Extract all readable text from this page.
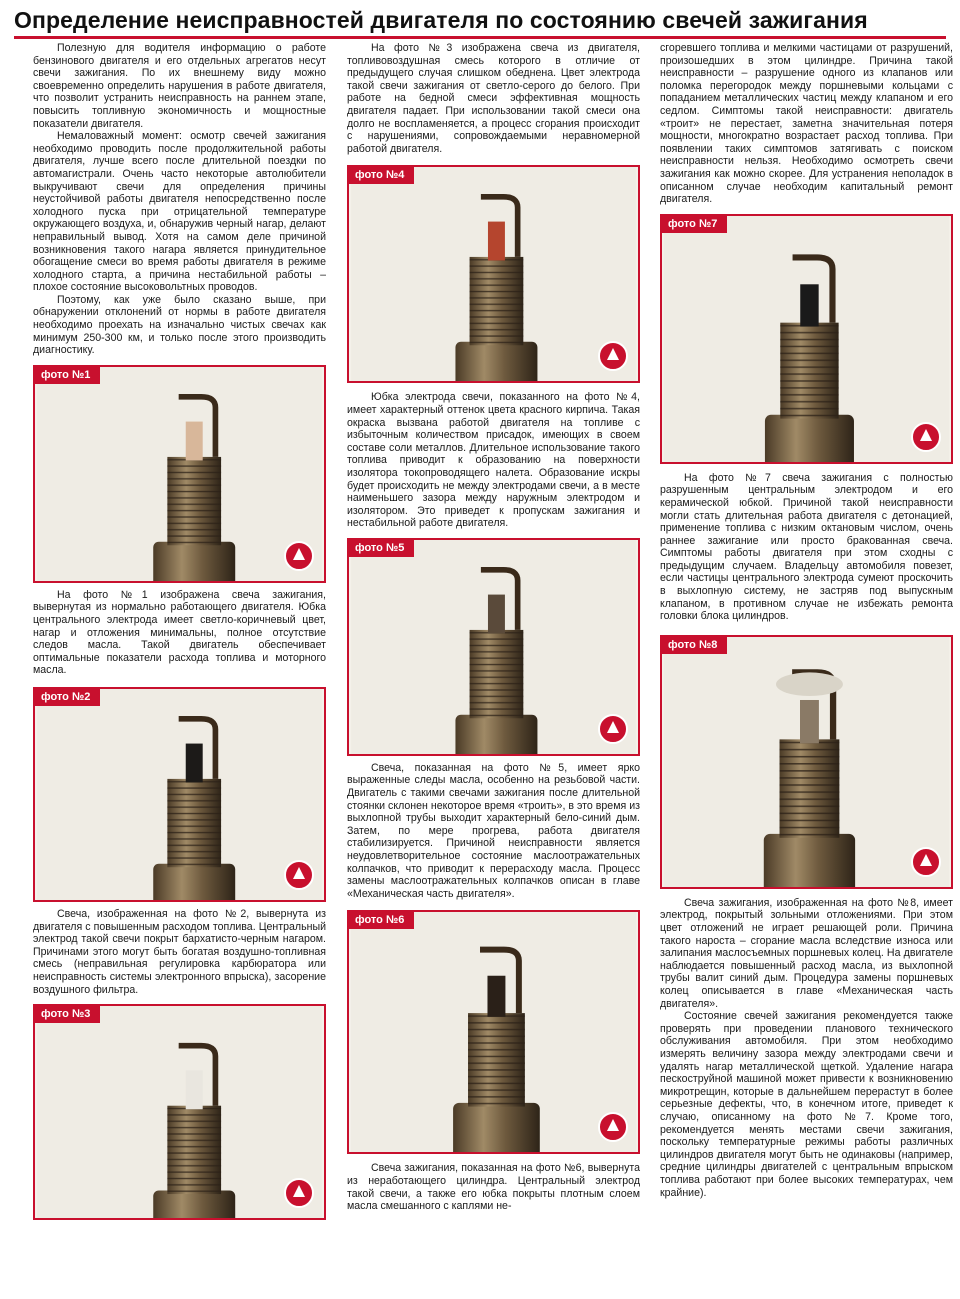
Определение неисправностей двигателя по состоянию свечей зажигания

Полезную для водителя информацию о работе бензинового двигателя и его отдельных агрегатов несут свечи зажигания. По их внешнему виду можно своевременно определить нарушения в работе двигателя, что позволит устранить неисправность на раннем этапе, повысить топливную экономичность и мощностные показатели двигателя.

Немаловажный момент: осмотр свечей зажигания необходимо проводить после продолжительной работы двигателя, лучше всего после длительной поездки по автомагистрали. Очень часто некоторые автолюбители выкручивают свечи для определения причины неустойчивой работы двигателя непосредственно после холодного пуска при отрицательной температуре окружающего воздуха, и, обнаружив черный нагар, делают неправильный вывод. Хотя на самом деле причиной возникновения такого нагара является принудительное обогащение смеси во время работы двигателя в режиме холодного старта, а причина нестабильной работы – плохое состояние высоковольтных проводов.

Поэтому, как уже было сказано выше, при обнаружении отклонений от нормы в работе двигателя необходимо проехать на изначально чистых свечах как минимум 250-300 км, и только после этого производить диагностику.

фото №1

На фото №1 изображена свеча зажигания, вывернутая из нормально работающего двигателя. Юбка центрального электрода имеет светло-коричневый цвет, нагар и отложения минимальны, полное отсутствие следов масла. Такой двигатель обеспечивает оптимальные показатели расхода топлива и моторного масла.

фото №2

Свеча, изображенная на фото №2, вывернута из двигателя с повышенным расходом топлива. Центральный электрод такой свечи покрыт бархатисто-черным нагаром. Причинами этого могут быть богатая воздушно-топливная смесь (неправильная регулировка карбюратора или неисправность системы электронного впрыска), засорение воздушного фильтра.

фото №3

На фото №3 изображена свеча из двигателя, топливовоздушная смесь которого в отличие от предыдущего случая слишком обеднена. Цвет электрода такой свечи зажигания от светло-серого до белого. При работе на бедной смеси эффективная мощность двигателя падает. При использовании такой смеси она долго не воспламеняется, а процесс сгорания происходит с нарушениями, сопровождаемыми неравномерной работой двигателя.

фото №4

Юбка электрода свечи, показанного на фото №4, имеет характерный оттенок цвета красного кирпича. Такая окраска вызвана работой двигателя на топливе с избыточным количеством присадок, имеющих в своем составе соли металлов. Длительное использование такого топлива приводит к образованию на поверхности изолятора токопроводящего налета. Образование искры будет происходить не между электродами свечи, а в месте наименьшего зазора между наружным электродом и изолятором. Это приведет к пропускам зажигания и нестабильной работе двигателя.

фото №5

Свеча, показанная на фото №5, имеет ярко выраженные следы масла, особенно на резьбовой части. Двигатель с такими свечами зажигания после длительной стоянки склонен некоторое время «троить», в это время из выхлопной трубы выходит характерный бело-синий дым. Затем, по мере прогрева, работа двигателя стабилизируется. Причиной неисправности является неудовлетворительное состояние маслоотражательных колпачков, что приводит к перерасходу масла. Процесс замены маслоотражательных колпачков описан в главе «Механическая часть двигателя».

фото №6

Свеча зажигания, показанная на фото №6, вывернута из неработающего цилиндра. Центральный электрод такой свечи, а также его юбка покрыты плотным слоем масла смешанного с каплями не-

сгоревшего топлива и мелкими частицами от разрушений, произошедших в этом цилиндре. Причина такой неисправности – разрушение одного из клапанов или поломка перегородок между поршневыми кольцами с попаданием металлических частиц между клапаном и его седлом. Симптомы такой неисправности: двигатель «троит» не перестает, заметна значительная потеря мощности, многократно возрастает расход топлива. При появлении таких симптомов затягивать с поиском неисправности нельзя. Необходимо осмотреть свечи зажигания как можно скорее. Для устранения неполадок в описанном случае необходим капитальный ремонт двигателя.

фото №7

На фото №7 свеча зажигания с полностью разрушенным центральным электродом и его керамической юбкой. Причиной такой неисправности могли стать длительная работа двигателя с детонацией, применение топлива с низким октановым числом, очень раннее зажигание или просто бракованная свеча. Симптомы работы двигателя при этом сходны с предыдущим случаем. Владельцу автомобиля повезет, если частицы центрального электрода сумеют проскочить в выхлопную систему, не застряв под выпускным клапаном, в противном случае не избежать ремонта головки блока цилиндров.

фото №8

Свеча зажигания, изображенная на фото №8, имеет электрод, покрытый зольными отложениями. При этом цвет отложений не играет решающей роли. Причина такого нароста – сгорание масла вследствие износа или залипания маслосъемных поршневых колец. На двигателе наблюдается повышенный расход масла, из выхлопной трубы валит синий дым. Процедура замены поршневых колец описывается в главе «Механическая часть двигателя».

Состояние свечей зажигания рекомендуется также проверять при проведении планового технического обслуживания автомобиля. При этом необходимо измерять величину зазора между электродами свечи и удалять нагар металлической щеткой. Удаление нагара пескоструйной машиной может привести к возникновению микротрещин, которые в дальнейшем перерастут в более серьезные дефекты, что, в конечном итоге, приведет к случаю, описанному на фото №7. Кроме того, рекомендуется менять местами свечи зажигания, поскольку температурные режимы работы различных цилиндров двигателя могут быть не одинаковы (например, средние цилиндры двигателей с центральным впрыском топлива работают при более высоких температурах, чем крайние).
